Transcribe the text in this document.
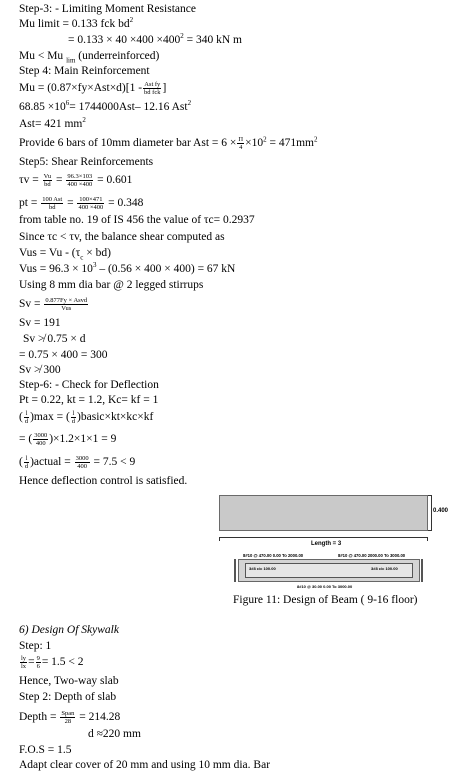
Step-3: - Limiting Moment Resistance
Mu limit = 0.133 fck $bd^2$
= $0.133 \times 40 \times 400 \times 400^2 = 340$ kN m
Mu < Mu $_{lim}$ (underreinforced)
Step 4: Main Reinforcement
$Mu = (0.87\times fy\times Ast\times d)[1 - \frac{\text{Ast fy}}{\text{bd fck}}$ ]
$68.85 \times 10^6= 1744000Ast-$ 12.16 Ast$^2$
Ast= 421 $mm^2$
Provide 6 bars of 10mm diameter bar Ast = $6 \times \frac{\Pi}{4} \times 10^2 = 471mm^2$
Step5: Shear Reinforcements
$\tau v = \frac{Vu}{bd} = \frac{96.3\times 103}{400 \times 400} = 0.601$
pt = $\frac{\text{100 Ast}}{bd} = \frac{100\times 471}{400 \times 400} = 0.348$
from table no. 19 of IS 456 the value of τc= 0.2937
Since τc < τv, the balance shear computed as
Vus = $Vu - (\tau_c \times bd)$
Vus = $96.3 \times 10^3 - (0.56 \times 400 \times 400) = 67$ kN
Using 8 mm dia bar @ 2 legged stirrups
$Sv = \frac{\text{0.877Fy × Asvd}}{\text{Vus}}$
Sv = 191
Sv ≯ 0.75 × d
= 0.75 × 400 = 300
Sv ≯ 300
Step-6: - Check for Deflection
Pt = 0.22, kt = 1.2, Kc= kf = 1
( $\frac{l}{d} )\max$ = ( $\frac{l}{d}$ )basic×kt×kc×kf
= ( $\frac{3000}{400} )\times 1.2\times 1\times 1 = 9$
( $\frac{l}{d}$ )actual = $\frac{3000}{400} = 7.5 < 9$
Hence deflection control is satisfied.
0.400
Length = 3
8#10 @ 470.00 0.00 To 2000.00	8#10 @ 470.00 2000.00 To 3000.00
3#8 c/c 100.00	3#8 c/c 100.00
8#10 @ 30.00 0.00 To 3000.00
Figure 11: Design of Beam ( 9-16 floor)
6) Design Of Skywalk
Step: 1
$\frac{ly}{lx} = \frac{9}{6} = 1.5 < 2$
Hence, Two-way slab
Step 2: Depth of slab
Depth = $\frac{\text{Span}}{28} = 214.28$
d ≈220 mm
F.O.S = 1.5
Adapt clear cover of 20 mm and using 10 mm dia. Bar
